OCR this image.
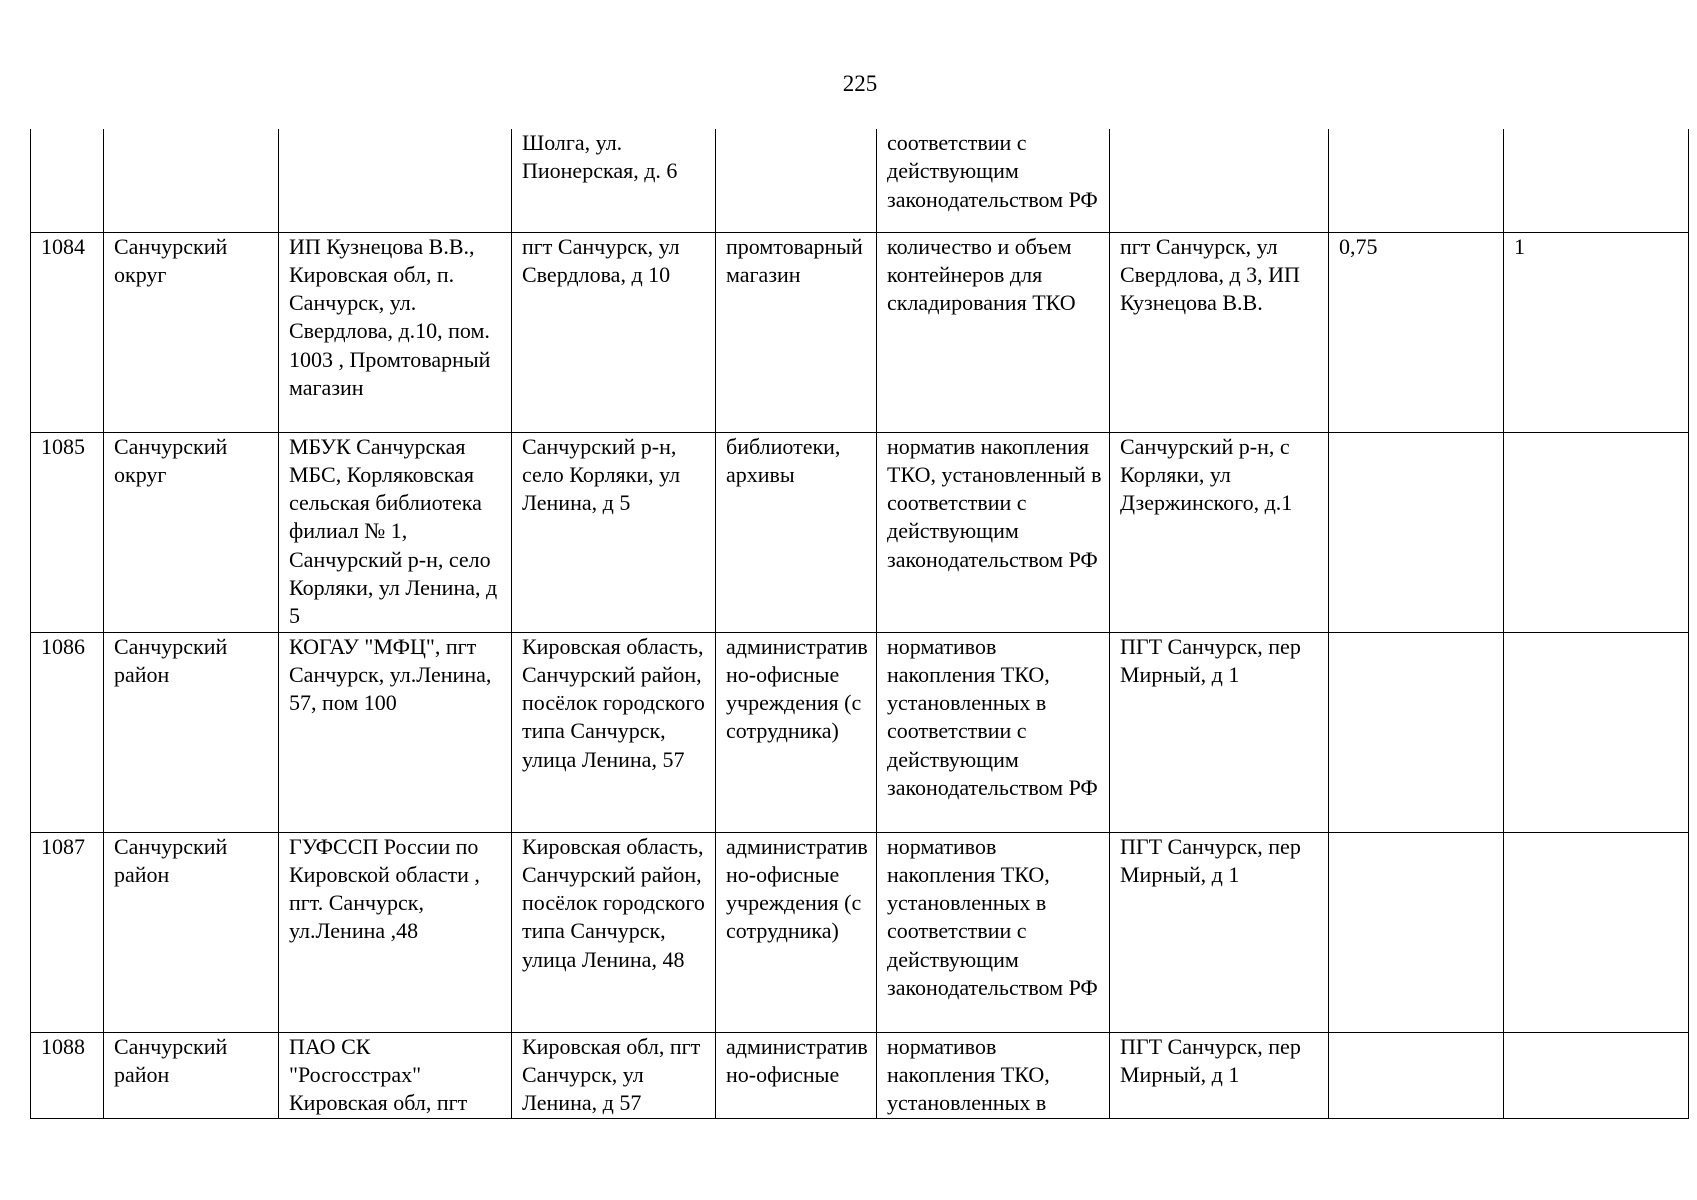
225
			Шолга, ул. Пионерская, д. 6		соответствии с действующим законодательством РФ			
1084	Санчурский округ	ИП Кузнецова В.В., Кировская обл, п. Санчурск, ул. Свердлова, д.10, пом. 1003 , Промтоварный магазин	пгт Санчурск, ул Свердлова, д 10	промтоварный магазин	количество и объем контейнеров для складирования ТКО	пгт Санчурск, ул Свердлова, д 3, ИП Кузнецова В.В.	0,75	1
1085	Санчурский округ	МБУК Санчурская МБС, Корляковская сельская библиотека филиал № 1, Санчурский р-н, село Корляки, ул Ленина, д 5	Санчурский р-н, село Корляки, ул Ленина, д 5	библиотеки, архивы	норматив накопления ТКО, установленный в соответствии с действующим законодательством РФ	Санчурский р-н, с Корляки, ул Дзержинского, д.1		
1086	Санчурский район	КОГАУ "МФЦ", пгт Санчурск, ул.Ленина, 57, пом 100	Кировская область, Санчурский район, посёлок городского типа Санчурск, улица Ленина, 57	административно-офисные учреждения (с сотрудника)	нормативов накопления ТКО, установленных в соответствии с действующим законодательством РФ	ПГТ Санчурск, пер Мирный, д 1		
1087	Санчурский район	ГУФССП России по Кировской области , пгт. Санчурск, ул.Ленина ,48	Кировская область, Санчурский район, посёлок городского типа Санчурск, улица Ленина, 48	административно-офисные учреждения (с сотрудника)	нормативов накопления ТКО, установленных в соответствии с действующим законодательством РФ	ПГТ Санчурск, пер Мирный, д 1		
1088	Санчурский район	ПАО СК "Росгосстрах" Кировская обл, пгт	Кировская обл, пгт Санчурск, ул Ленина, д 57	административно-офисные	нормативов накопления ТКО, установленных в	ПГТ Санчурск, пер Мирный, д 1		
